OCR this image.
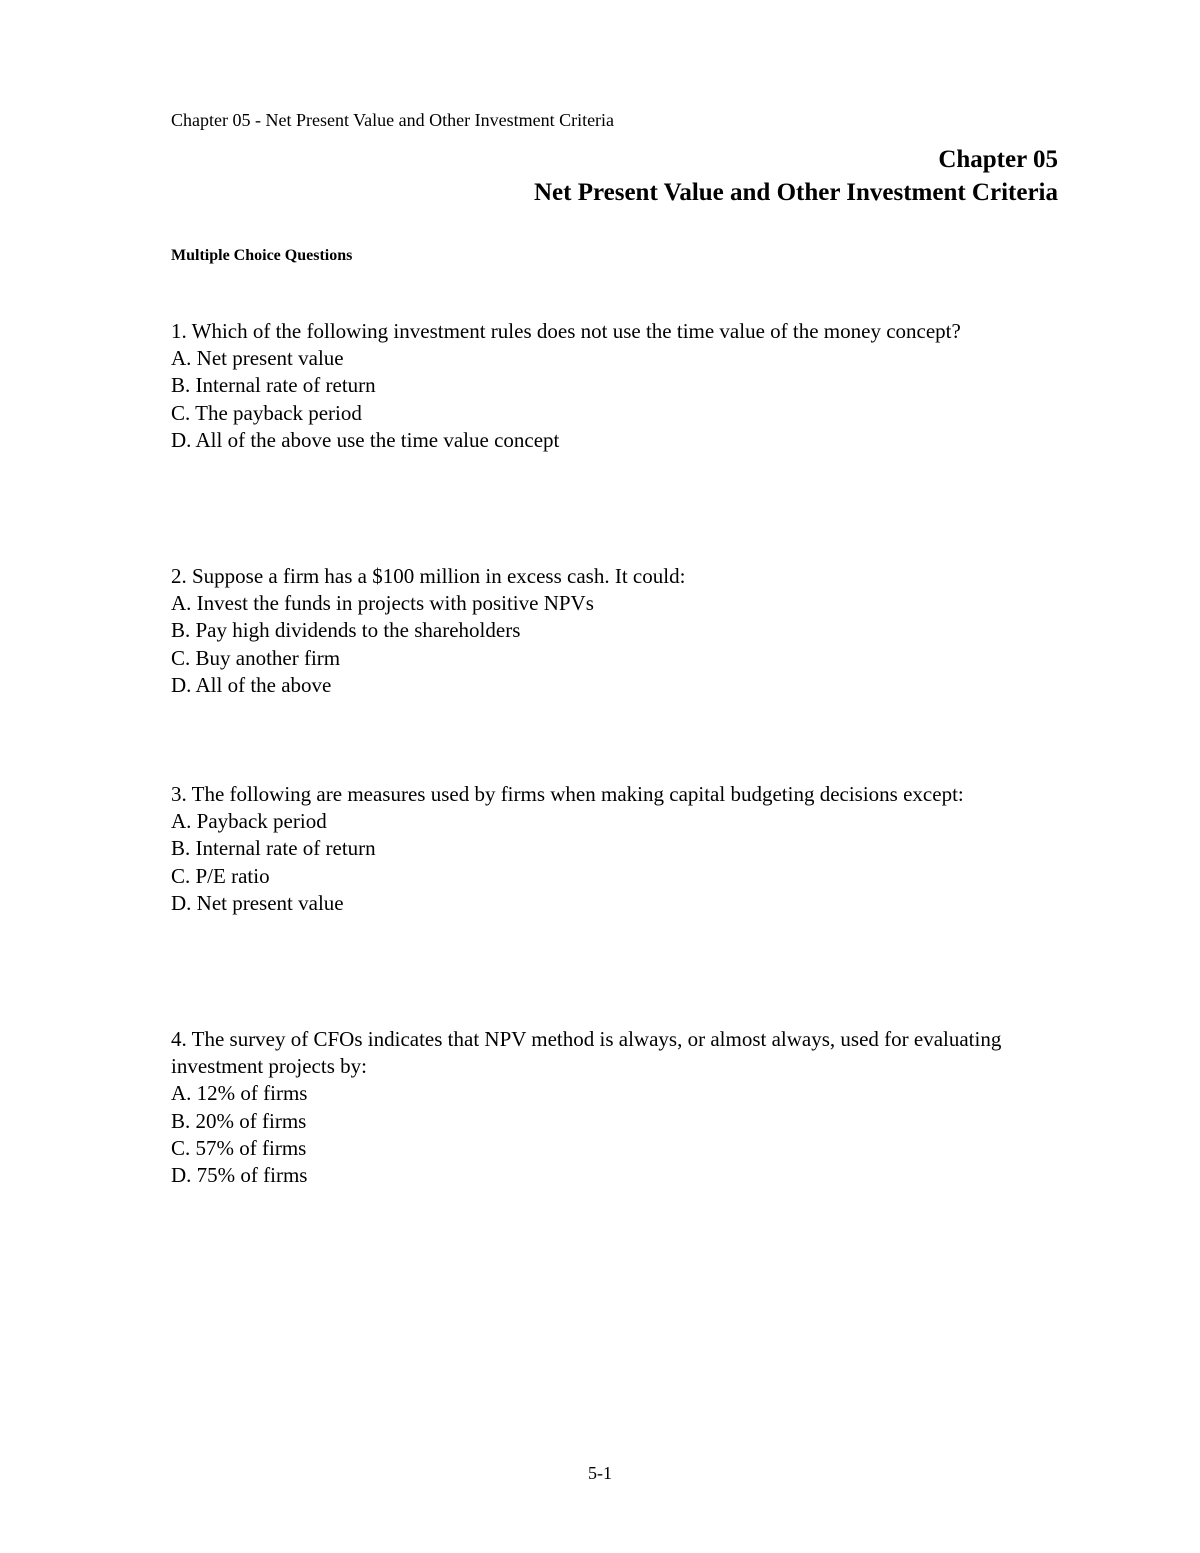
Chapter 05 - Net Present Value and Other Investment Criteria
Chapter 05
Net Present Value and Other Investment Criteria
Multiple Choice Questions
1. Which of the following investment rules does not use the time value of the money concept?
A. Net present value
B. Internal rate of return
C. The payback period
D. All of the above use the time value concept
2. Suppose a firm has a $100 million in excess cash. It could:
A. Invest the funds in projects with positive NPVs
B. Pay high dividends to the shareholders
C. Buy another firm
D. All of the above
3. The following are measures used by firms when making capital budgeting decisions except:
A. Payback period
B. Internal rate of return
C. P/E ratio
D. Net present value
4. The survey of CFOs indicates that NPV method is always, or almost always, used for evaluating investment projects by:
A. 12% of firms
B. 20% of firms
C. 57% of firms
D. 75% of firms
5-1
